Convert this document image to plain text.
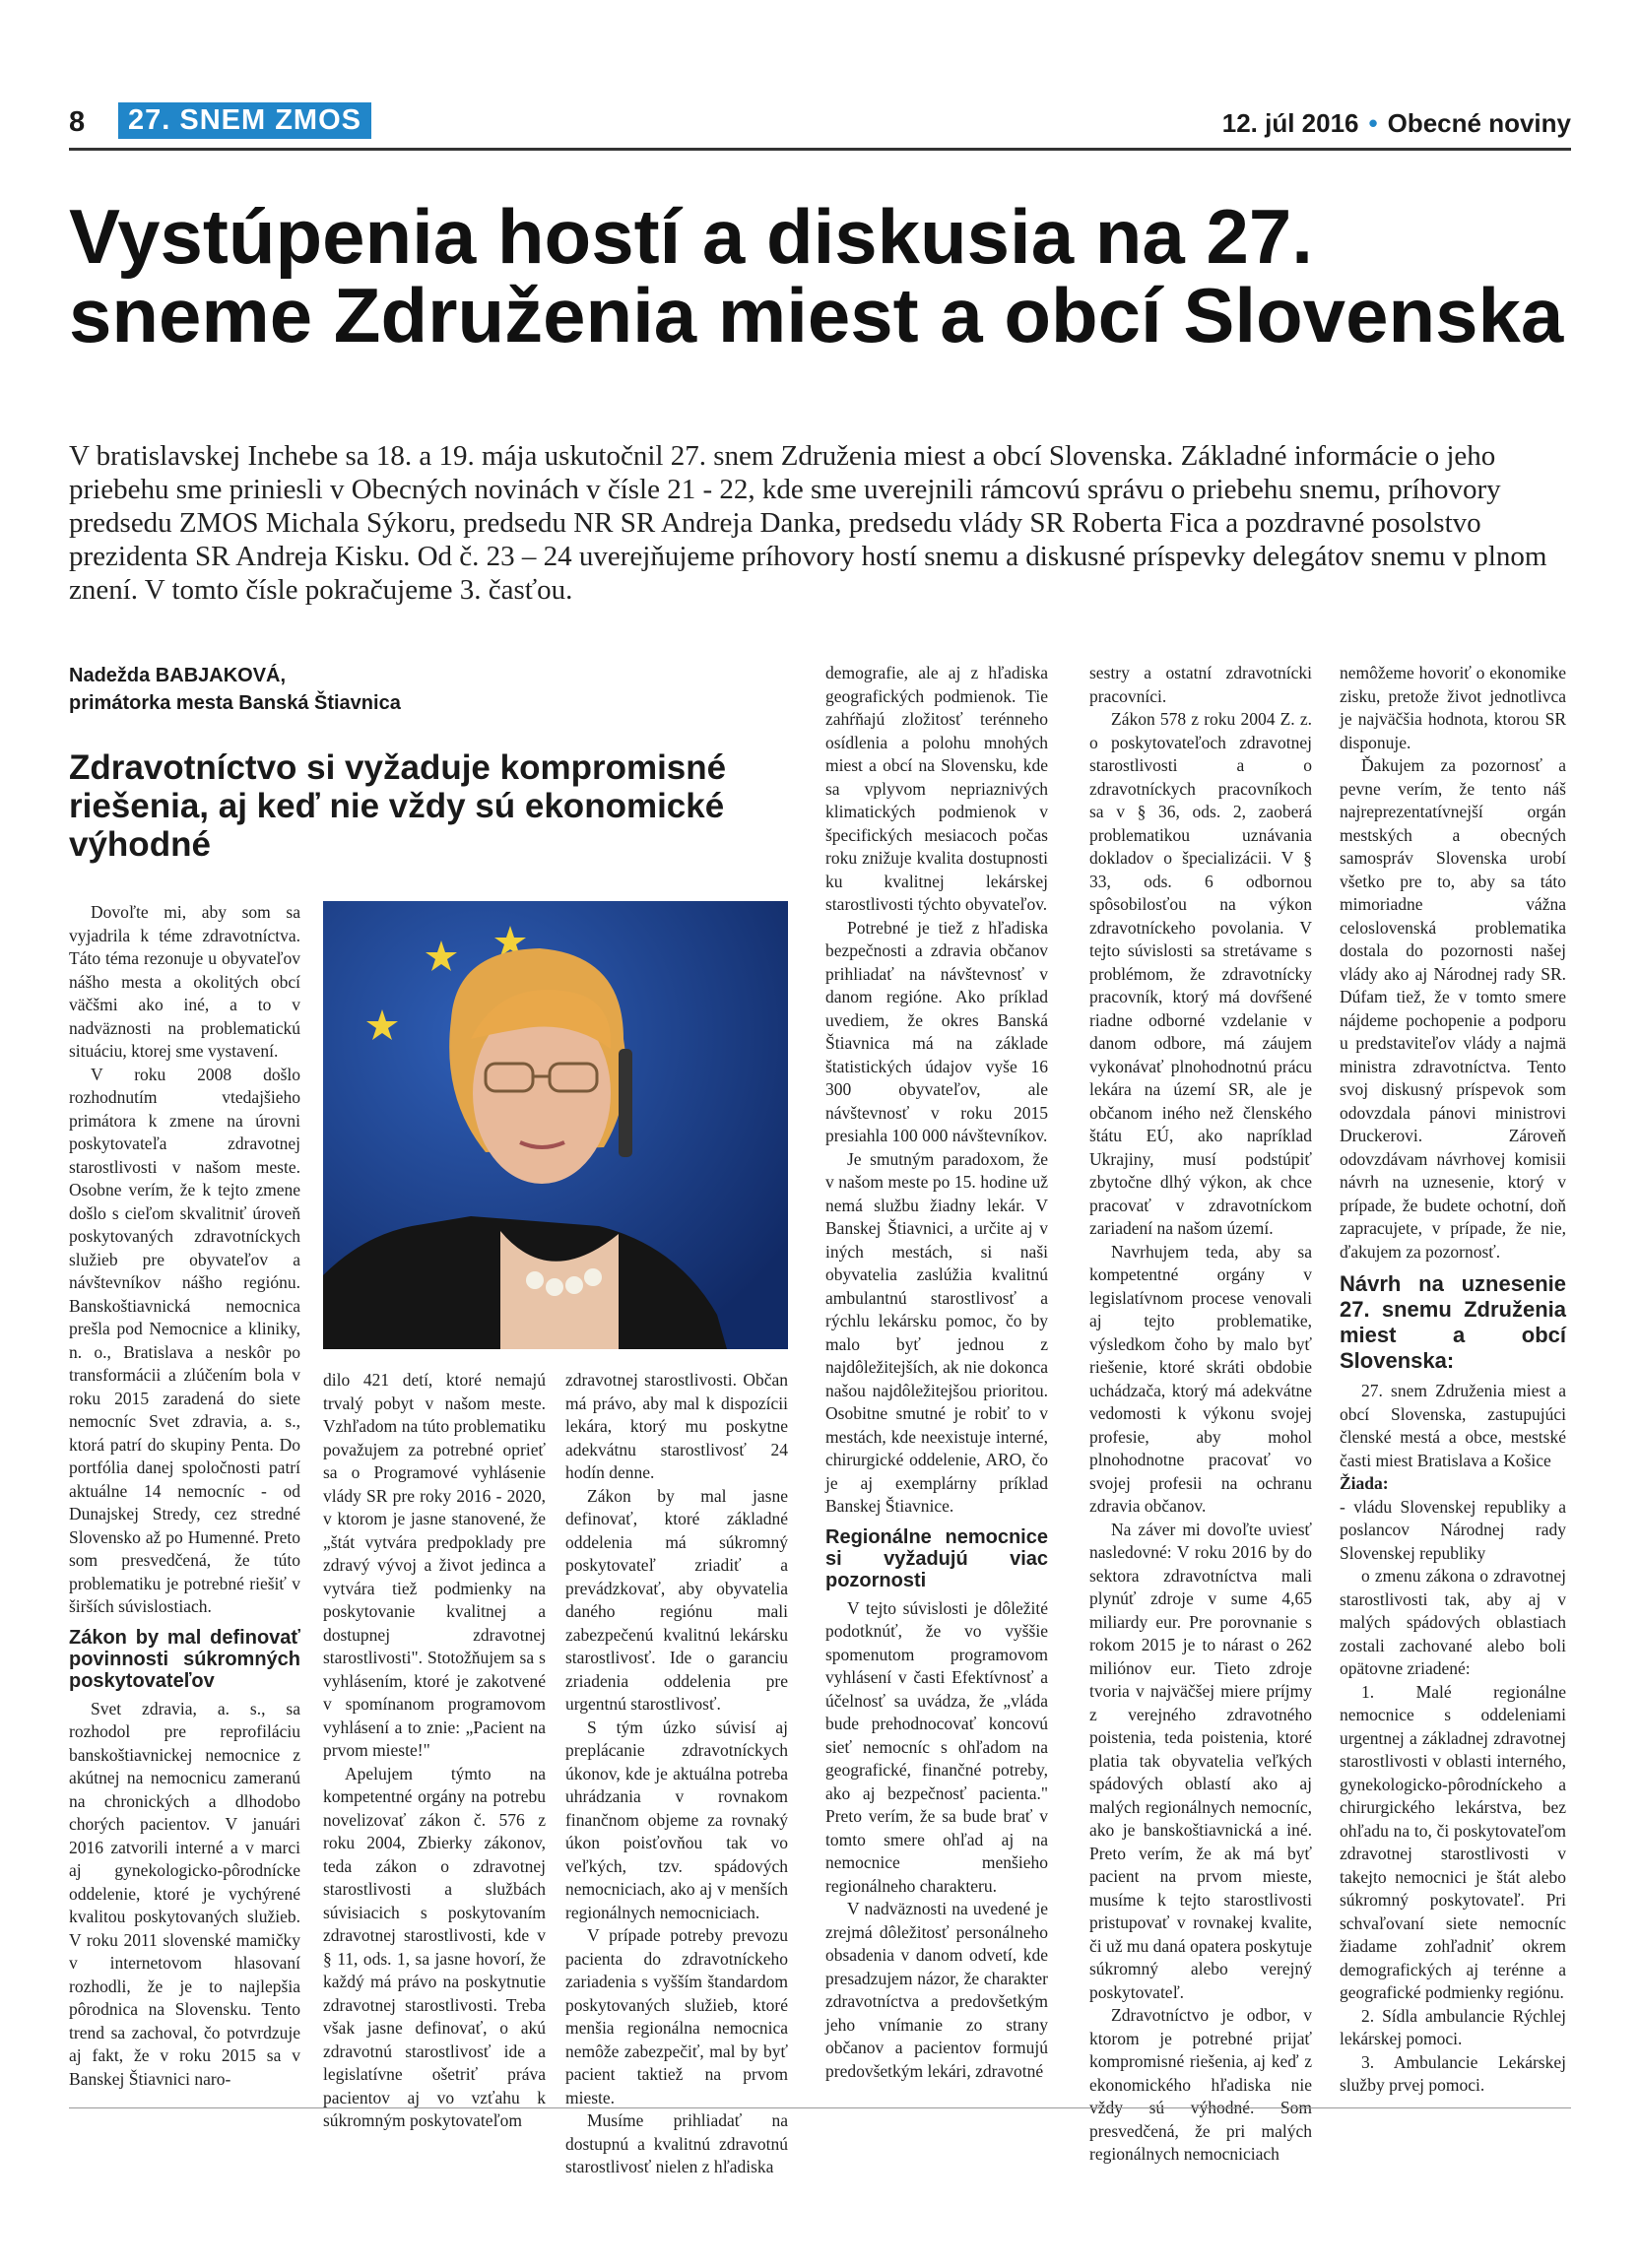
8	27. SNEM ZMOS	12. júl 2016 • Obecné noviny
Vystúpenia hostí a diskusia na 27. sneme Združenia miest a obcí Slovenska

V bratislavskej Inchebe sa 18. a 19. mája uskutočnil 27. snem Združenia miest a obcí Slovenska. Základné informácie o jeho priebehu sme priniesli v Obecných novinách v čísle 21 - 22, kde sme uverejnili rámcovú správu o priebehu snemu, príhovory predsedu ZMOS Michala Sýkoru, predsedu NR SR Andreja Danka, predsedu vlády SR Roberta Fica a pozdravné posolstvo prezidenta SR Andreja Kisku. Od č. 23 – 24 uverejňujeme príhovory hostí snemu a diskusné príspevky delegátov snemu v plnom znení. V tomto čísle pokračujeme 3. časťou.

Nadežda BABJAKOVÁ,
primátorka mesta Banská Štiavnica
Zdravotníctvo si vyžaduje kompromisné riešenia, aj keď nie vždy sú ekonomické výhodné

Dovoľte mi, aby som sa vyjadrila k téme zdravotníctva. Táto téma rezonuje u obyvateľov nášho mesta a okolitých obcí väčšmi ako iné, a to v nadväznosti na problematickú situáciu, ktorej sme vystavení.

V roku 2008 došlo rozhodnutím vtedajšieho primátora k zmene na úrovni poskytovateľa zdravotnej starostlivosti v našom meste. Osobne verím, že k tejto zmene došlo s cieľom skvalitniť úroveň poskytovaných zdravotníckych služieb pre obyvateľov a návštevníkov nášho regiónu. Banskoštiavnická nemocnica prešla pod Nemocnice a kliniky, n. o., Bratislava a neskôr po transformácii a zlúčením bola v roku 2015 zaradená do siete nemocníc Svet zdravia, a. s., ktorá patrí do skupiny Penta. Do portfólia danej spoločnosti patrí aktuálne 14 nemocníc - od Dunajskej Stredy, cez stredné Slovensko až po Humenné. Preto som presvedčená, že túto problematiku je potrebné riešiť v širších súvislostiach.

Zákon by mal definovať povinnosti súkromných poskytovateľov

Svet zdravia, a. s., sa rozhodol pre reprofiláciu banskoštiavnickej nemocnice z akútnej na nemocnicu zameranú na chronických a dlhodobo chorých pacientov. V januári 2016 zatvorili interné a v marci aj gynekologicko-pôrodnícke oddelenie, ktoré je vychýrené kvalitou poskytovaných služieb. V roku 2011 slovenské mamičky v internetovom hlasovaní rozhodli, že je to najlepšia pôrodnica na Slovensku. Tento trend sa zachoval, čo potvrdzuje aj fakt, že v roku 2015 sa v Banskej Štiavnici naro-

dilo 421 detí, ktoré nemajú trvalý pobyt v našom meste. Vzhľadom na túto problematiku považujem za potrebné oprieť sa o Programové vyhlásenie vlády SR pre roky 2016 - 2020, v ktorom je jasne stanovené, že „štát vytvára predpoklady pre zdravý vývoj a život jedinca a vytvára tiež podmienky na poskytovanie kvalitnej a dostupnej zdravotnej starostlivosti". Stotožňujem sa s vyhlásením, ktoré je zakotvené v spomínanom programovom vyhlásení a to znie: „Pacient na prvom mieste!"

Apelujem týmto na kompetentné orgány na potrebu novelizovať zákon č. 576 z roku 2004, Zbierky zákonov, teda zákon o zdravotnej starostlivosti a službách súvisiacich s poskytovaním zdravotnej starostlivosti, kde v § 11, ods. 1, sa jasne hovorí, že každý má právo na poskytnutie zdravotnej starostlivosti. Treba však jasne definovať, o akú zdravotnú starostlivosť ide a legislatívne ošetriť práva pacientov aj vo vzťahu k súkromným poskytovateľom

zdravotnej starostlivosti. Občan má právo, aby mal k dispozícii lekára, ktorý mu poskytne adekvátnu starostlivosť 24 hodín denne.

Zákon by mal jasne definovať, ktoré základné oddelenia má súkromný poskytovateľ zriadiť a prevádzkovať, aby obyvatelia daného regiónu mali zabezpečenú kvalitnú lekársku starostlivosť. Ide o garanciu zriadenia oddelenia pre urgentnú starostlivosť.

S tým úzko súvisí aj preplácanie zdravotníckych úkonov, kde je aktuálna potreba uhrádzania v rovnakom finančnom objeme za rovnaký úkon poisťovňou tak vo veľkých, tzv. spádových nemocniciach, ako aj v menších regionálnych nemocniciach.

V prípade potreby prevozu pacienta do zdravotníckeho zariadenia s vyšším štandardom poskytovaných služieb, ktoré menšia regionálna nemocnica nemôže zabezpečiť, mal by byť pacient taktiež na prvom mieste.

Musíme prihliadať na dostupnú a kvalitnú zdravotnú starostlivosť nielen z hľadiska

demografie, ale aj z hľadiska geografických podmienok. Tie zahŕňajú zložitosť terénneho osídlenia a polohu mnohých miest a obcí na Slovensku, kde sa vplyvom nepriaznivých klimatických podmienok v špecifických mesiacoch počas roku znižuje kvalita dostupnosti ku kvalitnej lekárskej starostlivosti týchto obyvateľov.

Potrebné je tiež z hľadiska bezpečnosti a zdravia občanov prihliadať na návštevnosť v danom regióne. Ako príklad uvediem, že okres Banská Štiavnica má na základe štatistických údajov vyše 16 300 obyvateľov, ale návštevnosť v roku 2015 presiahla 100 000 návštevníkov.

Je smutným paradoxom, že v našom meste po 15. hodine už nemá službu žiadny lekár. V Banskej Štiavnici, a určite aj v iných mestách, si naši obyvatelia zaslúžia kvalitnú ambulantnú starostlivosť a rýchlu lekársku pomoc, čo by malo byť jednou z najdôležitejších, ak nie dokonca našou najdôležitejšou prioritou. Osobitne smutné je robiť to v mestách, kde neexistuje interné, chirurgické oddelenie, ARO, čo je aj exemplárny príklad Banskej Štiavnice.

Regionálne nemocnice si vyžadujú viac pozornosti

V tejto súvislosti je dôležité podotknúť, že vo vyššie spomenutom programovom vyhlásení v časti Efektívnosť a účelnosť sa uvádza, že „vláda bude prehodnocovať koncovú sieť nemocníc s ohľadom na geografické, finančné potreby, ako aj bezpečnosť pacienta." Preto verím, že sa bude brať v tomto smere ohľad aj na nemocnice menšieho regionálneho charakteru.

V nadväznosti na uvedené je zrejmá dôležitosť personálneho obsadenia v danom odvetí, kde presadzujem názor, že charakter zdravotníctva a predovšetkým jeho vnímanie zo strany občanov a pacientov formujú predovšetkým lekári, zdravotné

sestry a ostatní zdravotnícki pracovníci.

Zákon 578 z roku 2004 Z. z. o poskytovateľoch zdravotnej starostlivosti a o zdravotníckych pracovníkoch sa v § 36, ods. 2, zaoberá problematikou uznávania dokladov o špecializácii. V § 33, ods. 6 odbornou spôsobilosťou na výkon zdravotníckeho povolania. V tejto súvislosti sa stretávame s problémom, že zdravotnícky pracovník, ktorý má dovŕšené riadne odborné vzdelanie v danom odbore, má záujem vykonávať plnohodnotnú prácu lekára na území SR, ale je občanom iného než členského štátu EÚ, ako napríklad Ukrajiny, musí podstúpiť zbytočne dlhý výkon, ak chce pracovať v zdravotníckom zariadení na našom území.

Navrhujem teda, aby sa kompetentné orgány v legislatívnom procese venovali aj tejto problematike, výsledkom čoho by malo byť riešenie, ktoré skráti obdobie uchádzača, ktorý má adekvátne vedomosti k výkonu svojej profesie, aby mohol plnohodnotne pracovať vo svojej profesii na ochranu zdravia občanov.

Na záver mi dovoľte uviesť nasledovné: V roku 2016 by do sektora zdravotníctva mali plynúť zdroje v sume 4,65 miliardy eur. Pre porovnanie s rokom 2015 je to nárast o 262 miliónov eur. Tieto zdroje tvoria v najväčšej miere príjmy z verejného zdravotného poistenia, teda poistenia, ktoré platia tak obyvatelia veľkých spádových oblastí ako aj malých regionálnych nemocníc, ako je banskoštiavnická a iné. Preto verím, že ak má byť pacient na prvom mieste, musíme k tejto starostlivosti pristupovať v rovnakej kvalite, či už mu daná opatera poskytuje súkromný alebo verejný poskytovateľ.

Zdravotníctvo je odbor, v ktorom je potrebné prijať kompromisné riešenia, aj keď z ekonomického hľadiska nie vždy sú výhodné. Som presvedčená, že pri malých regionálnych nemocniciach

nemôžeme hovoriť o ekonomike zisku, pretože život jednotlivca je najväčšia hodnota, ktorou SR disponuje.

Ďakujem za pozornosť a pevne verím, že tento náš najreprezentatívnejší orgán mestských a obecných samospráv Slovenska urobí všetko pre to, aby sa táto mimoriadne vážna celoslovenská problematika dostala do pozornosti našej vlády ako aj Národnej rady SR. Dúfam tiež, že v tomto smere nájdeme pochopenie a podporu u predstaviteľov vlády a najmä ministra zdravotníctva. Tento svoj diskusný príspevok som odovzdala pánovi ministrovi Druckerovi. Zároveň odovzdávam návrhovej komisii návrh na uznesenie, ktorý v prípade, že budete ochotní, doň zapracujete, v prípade, že nie, ďakujem za pozornosť.

Návrh na uznesenie 27. snemu Združenia miest a obcí Slovenska:

27. snem Združenia miest a obcí Slovenska, zastupujúci členské mestá a obce, mestské časti miest Bratislava a Košice

Žiada:

- vládu Slovenskej republiky a poslancov Národnej rady Slovenskej republiky

o zmenu zákona o zdravotnej starostlivosti tak, aby aj v malých spádových oblastiach zostali zachované alebo boli opätovne zriadené:

1. Malé regionálne nemocnice s oddeleniami urgentnej a základnej zdravotnej starostlivosti v oblasti interného, gynekologicko-pôrodníckeho a chirurgického lekárstva, bez ohľadu na to, či poskytovateľom zdravotnej starostlivosti v takejto nemocnici je štát alebo súkromný poskytovateľ. Pri schvaľovaní siete nemocníc žiadame zohľadniť okrem demografických aj terénne a geografické podmienky regiónu.

2. Sídla ambulancie Rýchlej lekárskej pomoci.

3. Ambulancie Lekárskej služby prvej pomoci.
